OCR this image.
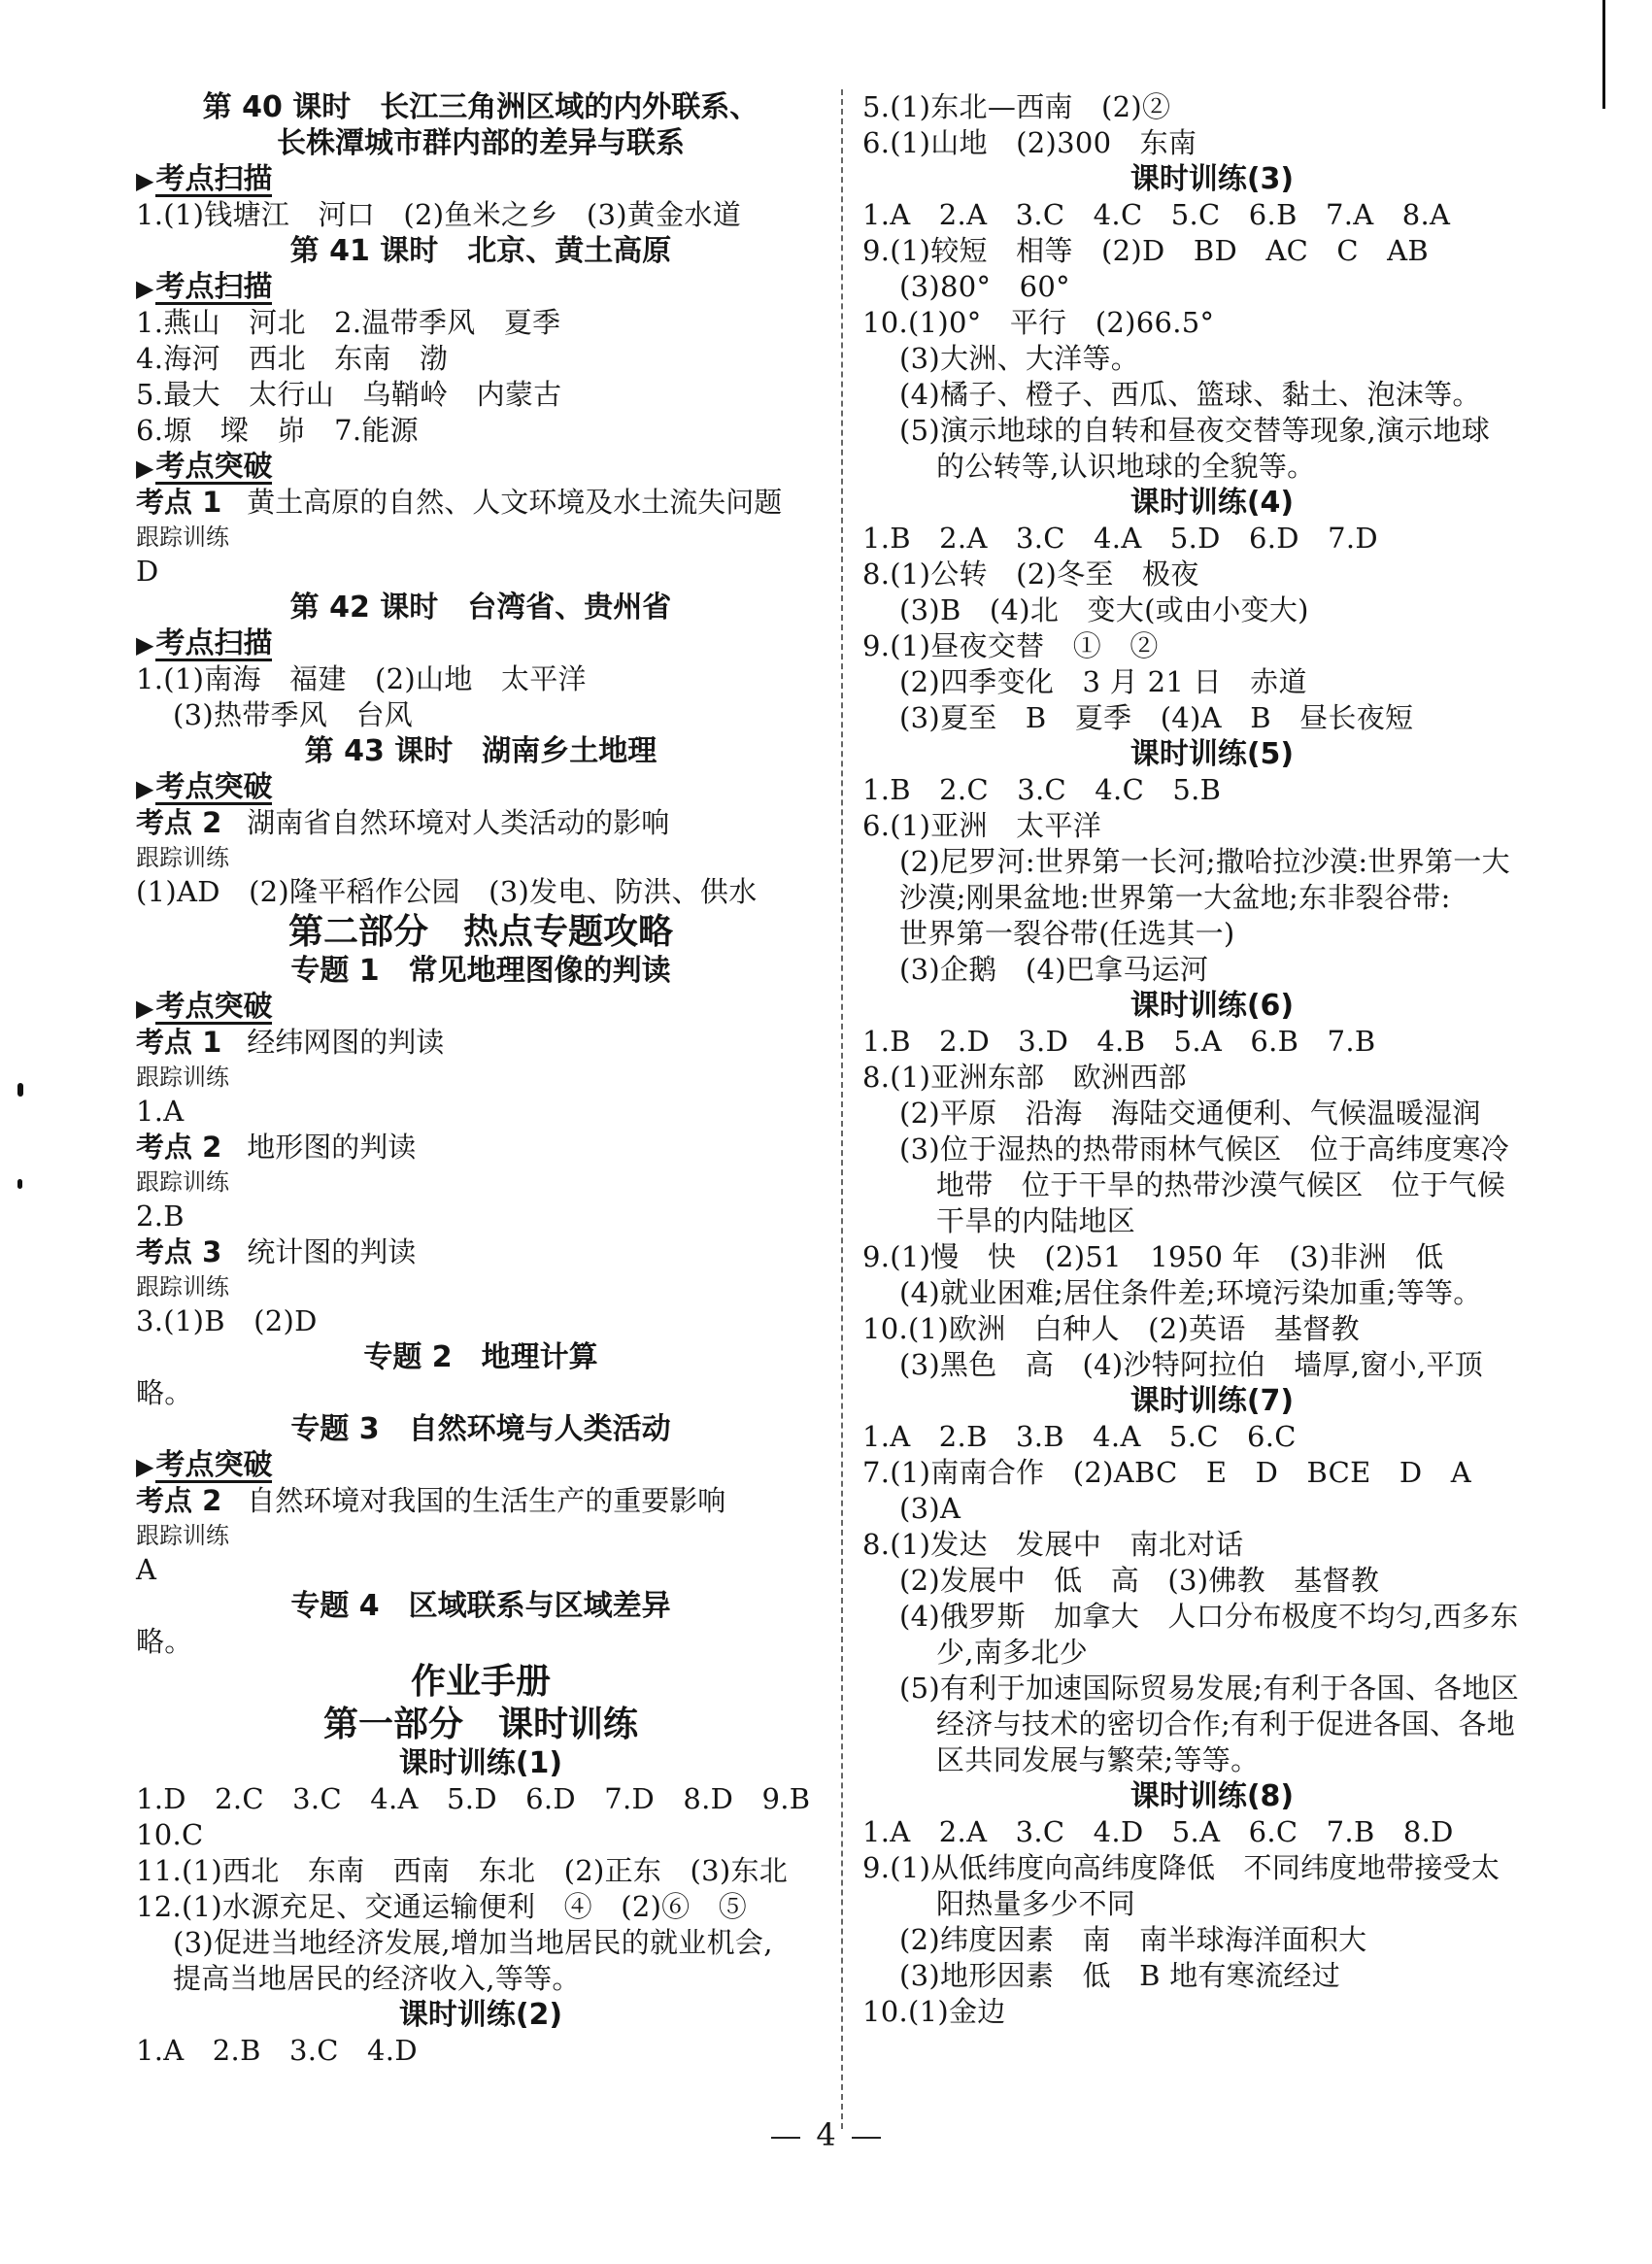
第 40 课时　长江三角洲区域的内外联系、
长株潭城市群内部的差异与联系
▶考点扫描
1.(1)钱塘江　河口　(2)鱼米之乡　(3)黄金水道
第 41 课时　北京、黄土高原
▶考点扫描
1.燕山　河北　2.温带季风　夏季
4.海河　西北　东南　渤
5.最大　太行山　乌鞘岭　内蒙古
6.塬　墚　峁　7.能源
▶考点突破
考点 1 黄土高原的自然、人文环境及水土流失问题
跟踪训练
D
第 42 课时　台湾省、贵州省
▶考点扫描
1.(1)南海　福建　(2)山地　太平洋
(3)热带季风　台风
第 43 课时　湖南乡土地理
▶考点突破
考点 2 湖南省自然环境对人类活动的影响
跟踪训练
(1)AD　(2)隆平稻作公园　(3)发电、防洪、供水
第二部分　热点专题攻略
专题 1　常见地理图像的判读
▶考点突破
考点 1 经纬网图的判读
跟踪训练
1.A
考点 2 地形图的判读
跟踪训练
2.B
考点 3 统计图的判读
跟踪训练
3.(1)B　(2)D
专题 2　地理计算
略。
专题 3　自然环境与人类活动
▶考点突破
考点 2 自然环境对我国的生活生产的重要影响
跟踪训练
A
专题 4　区域联系与区域差异
略。
作业手册
第一部分　课时训练
课时训练(1)
1.D　2.C　3.C　4.A　5.D　6.D　7.D　8.D　9.B
10.C
11.(1)西北　东南　西南　东北　(2)正东　(3)东北
12.(1)水源充足、交通运输便利　④　(2)⑥　⑤
(3)促进当地经济发展,增加当地居民的就业机会,
提高当地居民的经济收入,等等。
课时训练(2)
1.A　2.B　3.C　4.D
5.(1)东北—西南　(2)②
6.(1)山地　(2)300　东南
课时训练(3)
1.A　2.A　3.C　4.C　5.C　6.B　7.A　8.A
9.(1)较短　相等　(2)D　BD　AC　C　AB
(3)80°　60°
10.(1)0°　平行　(2)66.5°
(3)大洲、大洋等。
(4)橘子、橙子、西瓜、篮球、黏土、泡沫等。
(5)演示地球的自转和昼夜交替等现象,演示地球
的公转等,认识地球的全貌等。
课时训练(4)
1.B　2.A　3.C　4.A　5.D　6.D　7.D
8.(1)公转　(2)冬至　极夜
(3)B　(4)北　变大(或由小变大)
9.(1)昼夜交替　①　②
(2)四季变化　3 月 21 日　赤道
(3)夏至　B　夏季　(4)A　B　昼长夜短
课时训练(5)
1.B　2.C　3.C　4.C　5.B
6.(1)亚洲　太平洋
(2)尼罗河:世界第一长河;撒哈拉沙漠:世界第一大
沙漠;刚果盆地:世界第一大盆地;东非裂谷带:
世界第一裂谷带(任选其一)
(3)企鹅　(4)巴拿马运河
课时训练(6)
1.B　2.D　3.D　4.B　5.A　6.B　7.B
8.(1)亚洲东部　欧洲西部
(2)平原　沿海　海陆交通便利、气候温暖湿润
(3)位于湿热的热带雨林气候区　位于高纬度寒冷
地带　位于干旱的热带沙漠气候区　位于气候
干旱的内陆地区
9.(1)慢　快　(2)51　1950 年　(3)非洲　低
(4)就业困难;居住条件差;环境污染加重;等等。
10.(1)欧洲　白种人　(2)英语　基督教
(3)黑色　高　(4)沙特阿拉伯　墙厚,窗小,平顶
课时训练(7)
1.A　2.B　3.B　4.A　5.C　6.C
7.(1)南南合作　(2)ABC　E　D　BCE　D　A
(3)A
8.(1)发达　发展中　南北对话
(2)发展中　低　高　(3)佛教　基督教
(4)俄罗斯　加拿大　人口分布极度不均匀,西多东
少,南多北少
(5)有利于加速国际贸易发展;有利于各国、各地区
经济与技术的密切合作;有利于促进各国、各地
区共同发展与繁荣;等等。
课时训练(8)
1.A　2.A　3.C　4.D　5.A　6.C　7.B　8.D
9.(1)从低纬度向高纬度降低　不同纬度地带接受太
阳热量多少不同
(2)纬度因素　南　南半球海洋面积大
(3)地形因素　低　B 地有寒流经过
10.(1)金边
4
